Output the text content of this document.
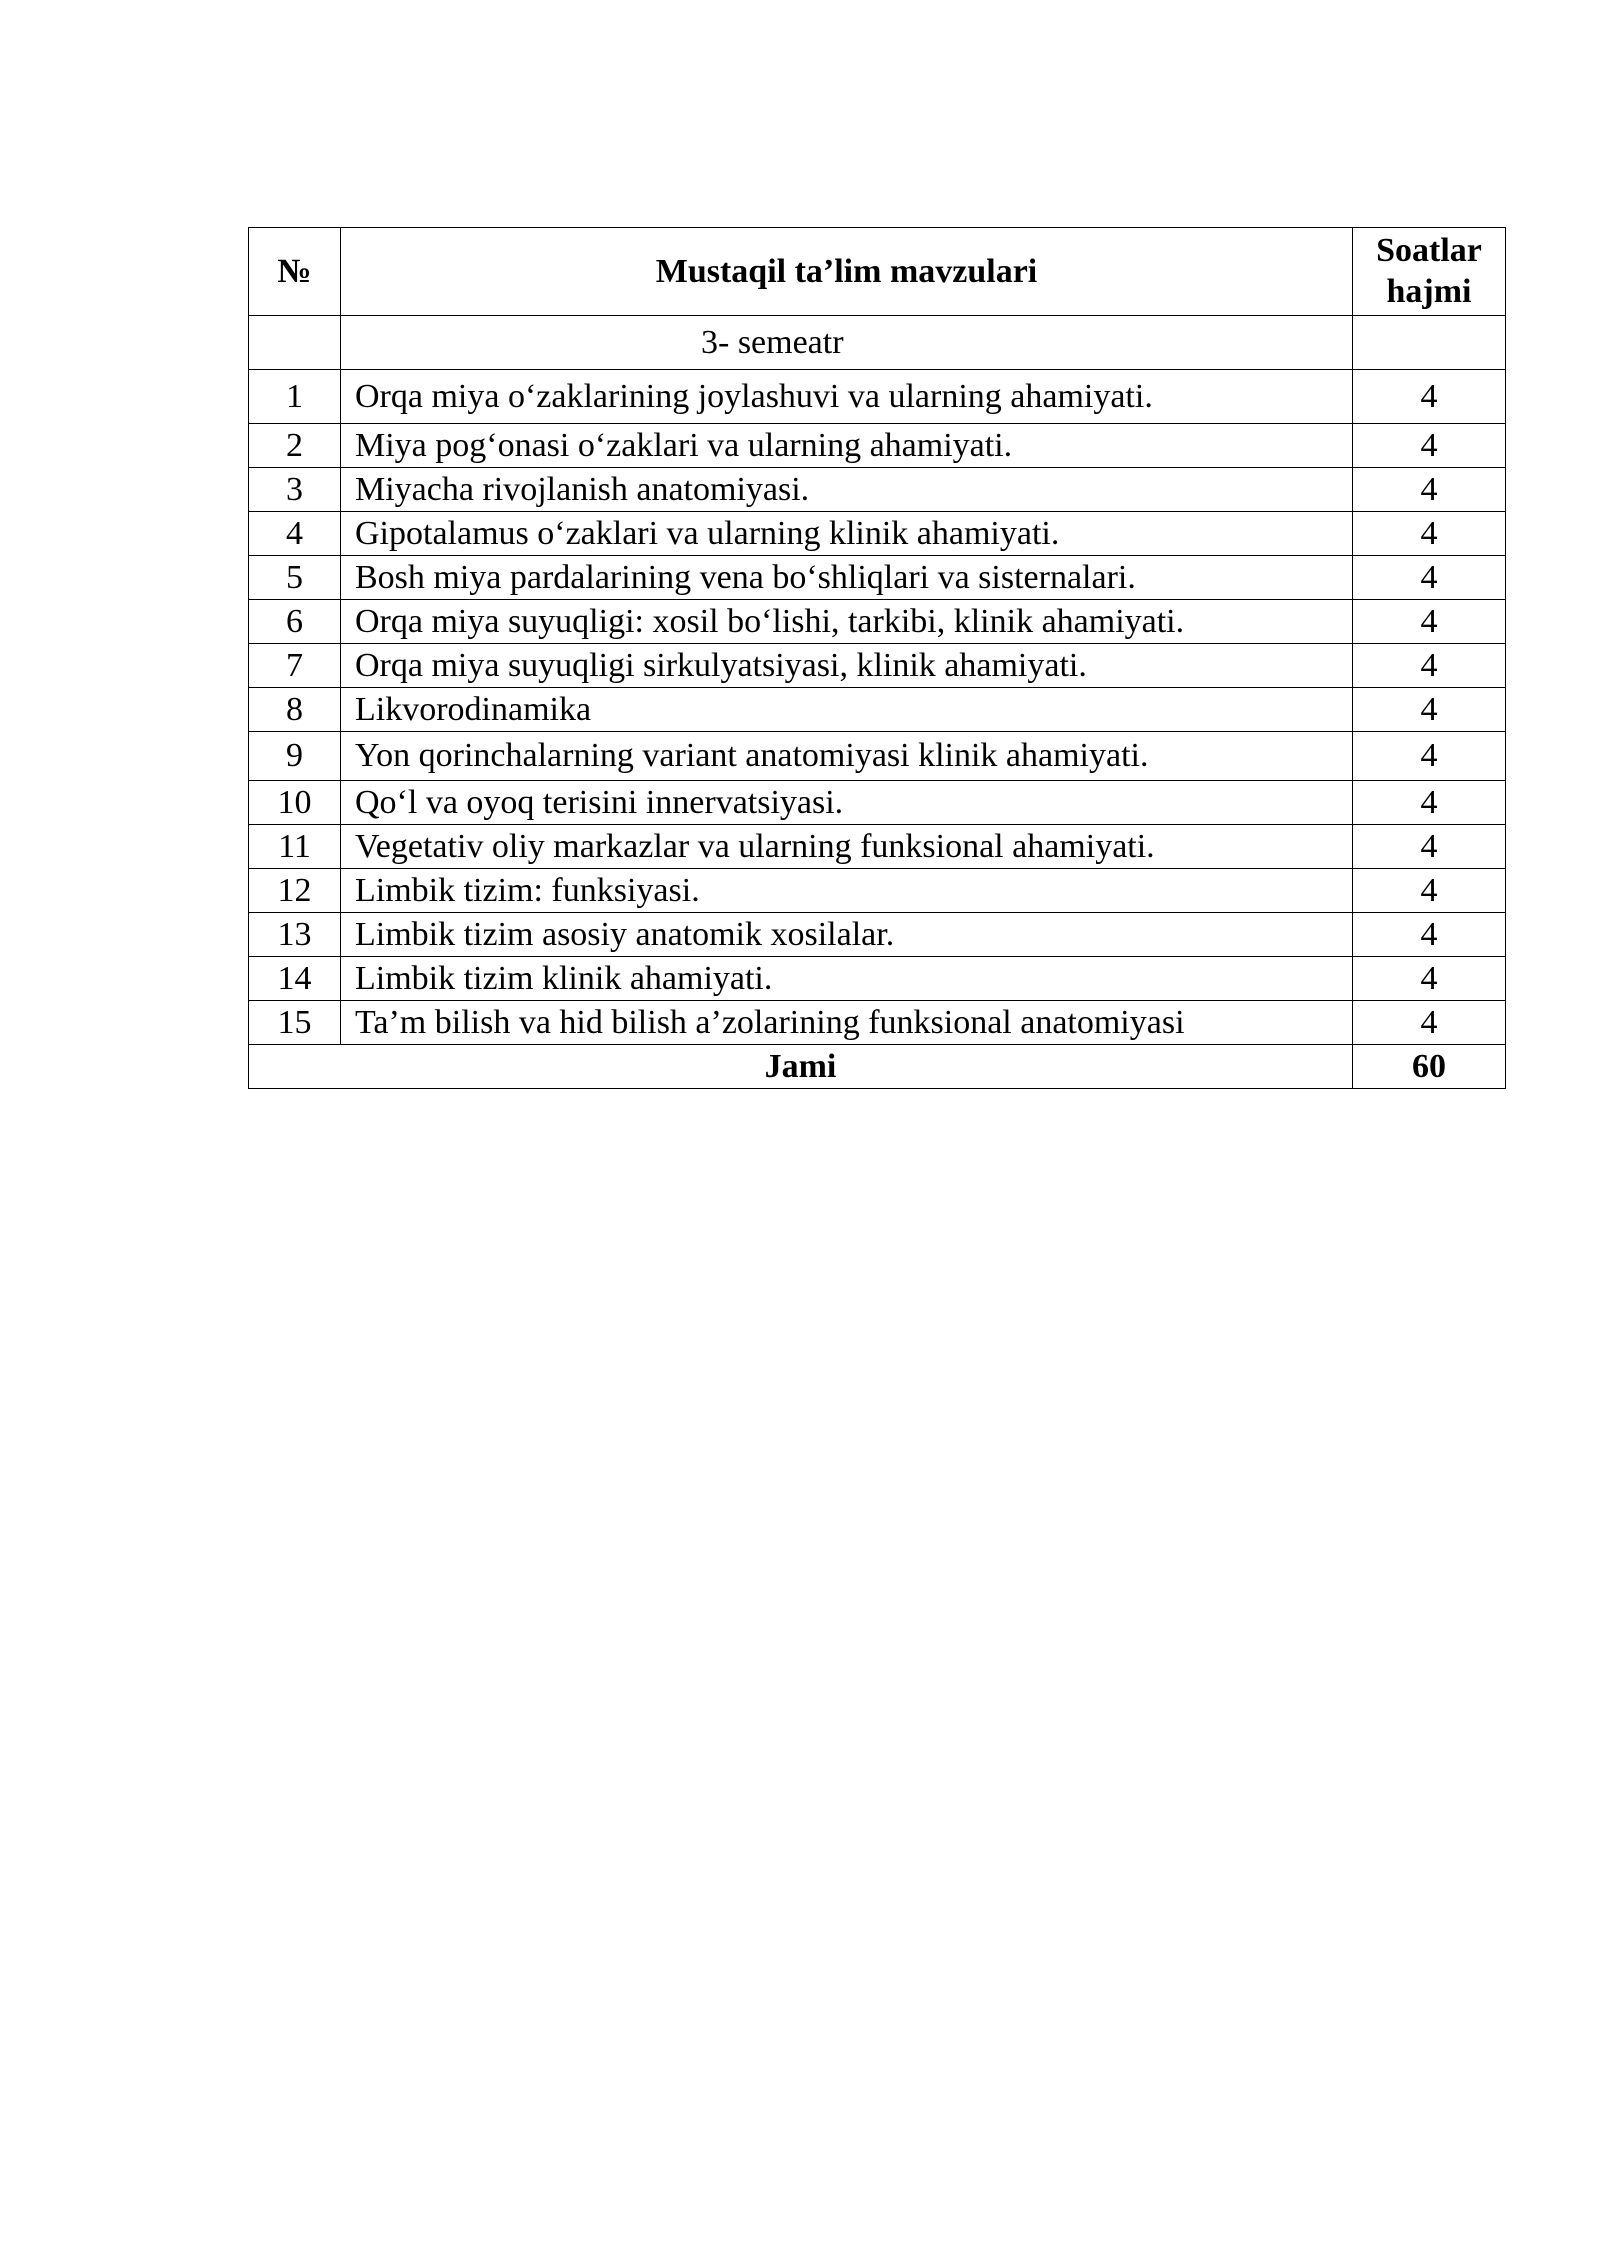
№	Mustaqil ta’lim mavzulari	Soatlar
hajmi
	3- semeatr	
1	Orqa miya o‘zaklarining joylashuvi va ularning ahamiyati.	4
2	Miya pog‘onasi o‘zaklari va ularning ahamiyati.	4
3	Miyacha rivojlanish anatomiyasi.	4
4	Gipotalamus o‘zaklari va ularning klinik ahamiyati.	4
5	Bosh miya pardalarining vena bo‘shliqlari va sisternalari.	4
6	Orqa miya suyuqligi: xosil bo‘lishi, tarkibi, klinik ahamiyati.	4
7	Orqa miya suyuqligi sirkulyatsiyasi, klinik ahamiyati.	4
8	Likvorodinamika	4
9	Yon qorinchalarning variant anatomiyasi klinik ahamiyati.	4
10	Qo‘l va oyoq terisini innervatsiyasi.	4
11	Vegetativ oliy markazlar va ularning funksional ahamiyati.	4
12	Limbik tizim: funksiyasi.	4
13	Limbik tizim asosiy anatomik xosilalar.	4
14	Limbik tizim klinik ahamiyati.	4
15	Ta’m bilish va hid bilish a’zolarining funksional anatomiyasi	4
Jami		60
